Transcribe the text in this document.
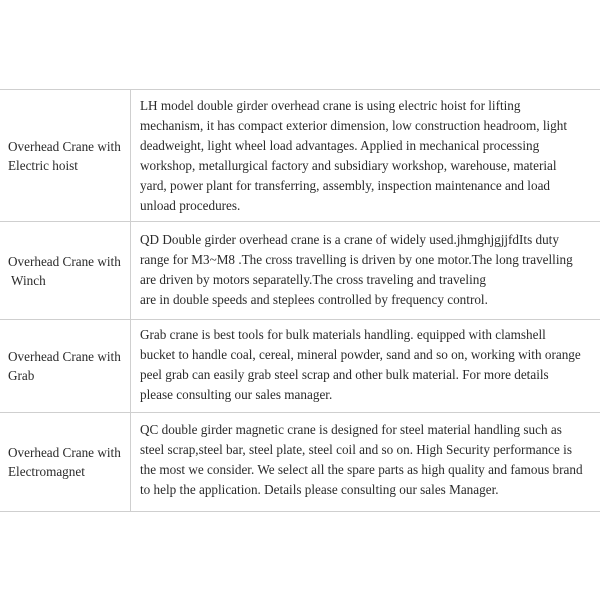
Overhead Crane with
Electric hoist
LH model double girder overhead crane is using electric hoist for lifting
mechanism, it has compact exterior dimension, low construction headroom, light
deadweight, light wheel load advantages. Applied in mechanical processing
workshop, metallurgical factory and subsidiary workshop, warehouse, material
yard, power plant for transferring, assembly, inspection maintenance and load
unload procedures.
Overhead Crane with
Winch
QD Double girder overhead crane is a crane of widely used.jhmghjgjjfdIts duty
range for M3~M8 .The cross travelling is driven by one motor.The long travelling
are driven by motors separatelly.The cross traveling and traveling
are in double speeds and steplees controlled by frequency control.
Overhead Crane with
Grab
Grab crane is best tools for bulk materials handling. equipped with clamshell
bucket to handle coal, cereal, mineral powder, sand and so on, working with orange
peel grab can easily grab steel scrap and other bulk material. For more details
please consulting our sales manager.
Overhead Crane with
Electromagnet
QC double girder magnetic crane is designed for steel material handling such as
steel scrap,steel bar, steel plate, steel coil and so on. High Security performance is
the most we consider. We select all the spare parts as high quality and famous brand
to help the application. Details please consulting our sales Manager.
